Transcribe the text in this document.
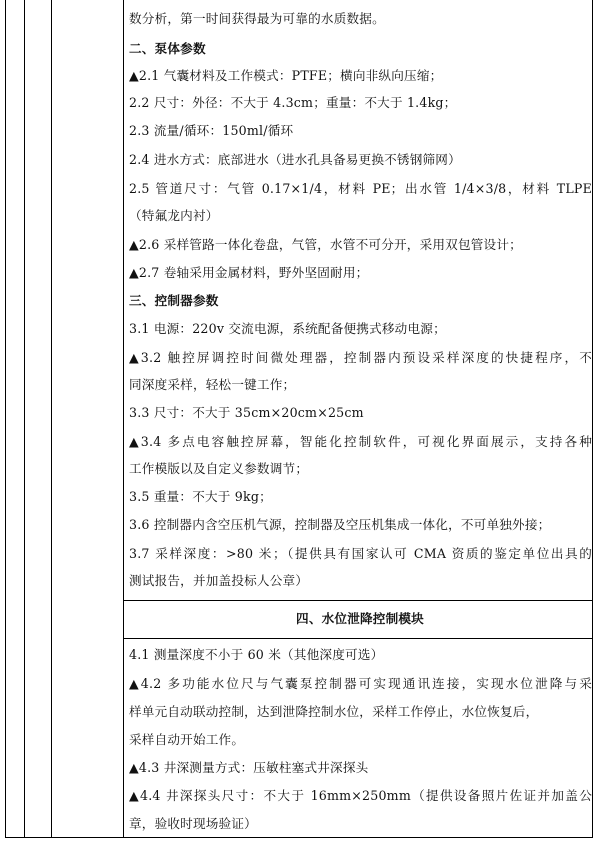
数分析，第一时间获得最为可靠的水质数据。
二、泵体参数
▲2.1 气囊材料及工作模式：PTFE；横向非纵向压缩；
2.2 尺寸：外径：不大于 4.3cm；重量：不大于 1.4kg；
2.3 流量/循环：150ml/循环
2.4 进水方式：底部进水（进水孔具备易更换不锈钢筛网）
2.5 管道尺寸：气管 0.17×1/4，材料 PE；出水管 1/4×3/8，材料 TLPE
（特氟龙内衬）
▲2.6 采样管路一体化卷盘，气管，水管不可分开，采用双包管设计；
▲2.7 卷轴采用金属材料，野外坚固耐用；
三、控制器参数
3.1 电源：220v 交流电源，系统配备便携式移动电源；
▲3.2 触控屏调控时间微处理器，控制器内预设采样深度的快捷程序，不
同深度采样，轻松一键工作；
3.3 尺寸：不大于 35cm×20cm×25cm
▲3.4 多点电容触控屏幕，智能化控制软件，可视化界面展示，支持各种
工作模版以及自定义参数调节；
3.5 重量：不大于 9kg；
3.6 控制器内含空压机气源，控制器及空压机集成一体化，不可单独外接；
3.7 采样深度：>80 米；（提供具有国家认可 CMA 资质的鉴定单位出具的
测试报告，并加盖投标人公章）
四、水位泄降控制模块
4.1 测量深度不小于 60 米（其他深度可选）
▲4.2 多功能水位尺与气囊泵控制器可实现通讯连接，实现水位泄降与采
样单元自动联动控制，达到泄降控制水位，采样工作停止，水位恢复后，
采样自动开始工作。
▲4.3 井深测量方式：压敏柱塞式井深探头
▲4.4 井深探头尺寸：不大于 16mm×250mm（提供设备照片佐证并加盖公
章，验收时现场验证）
